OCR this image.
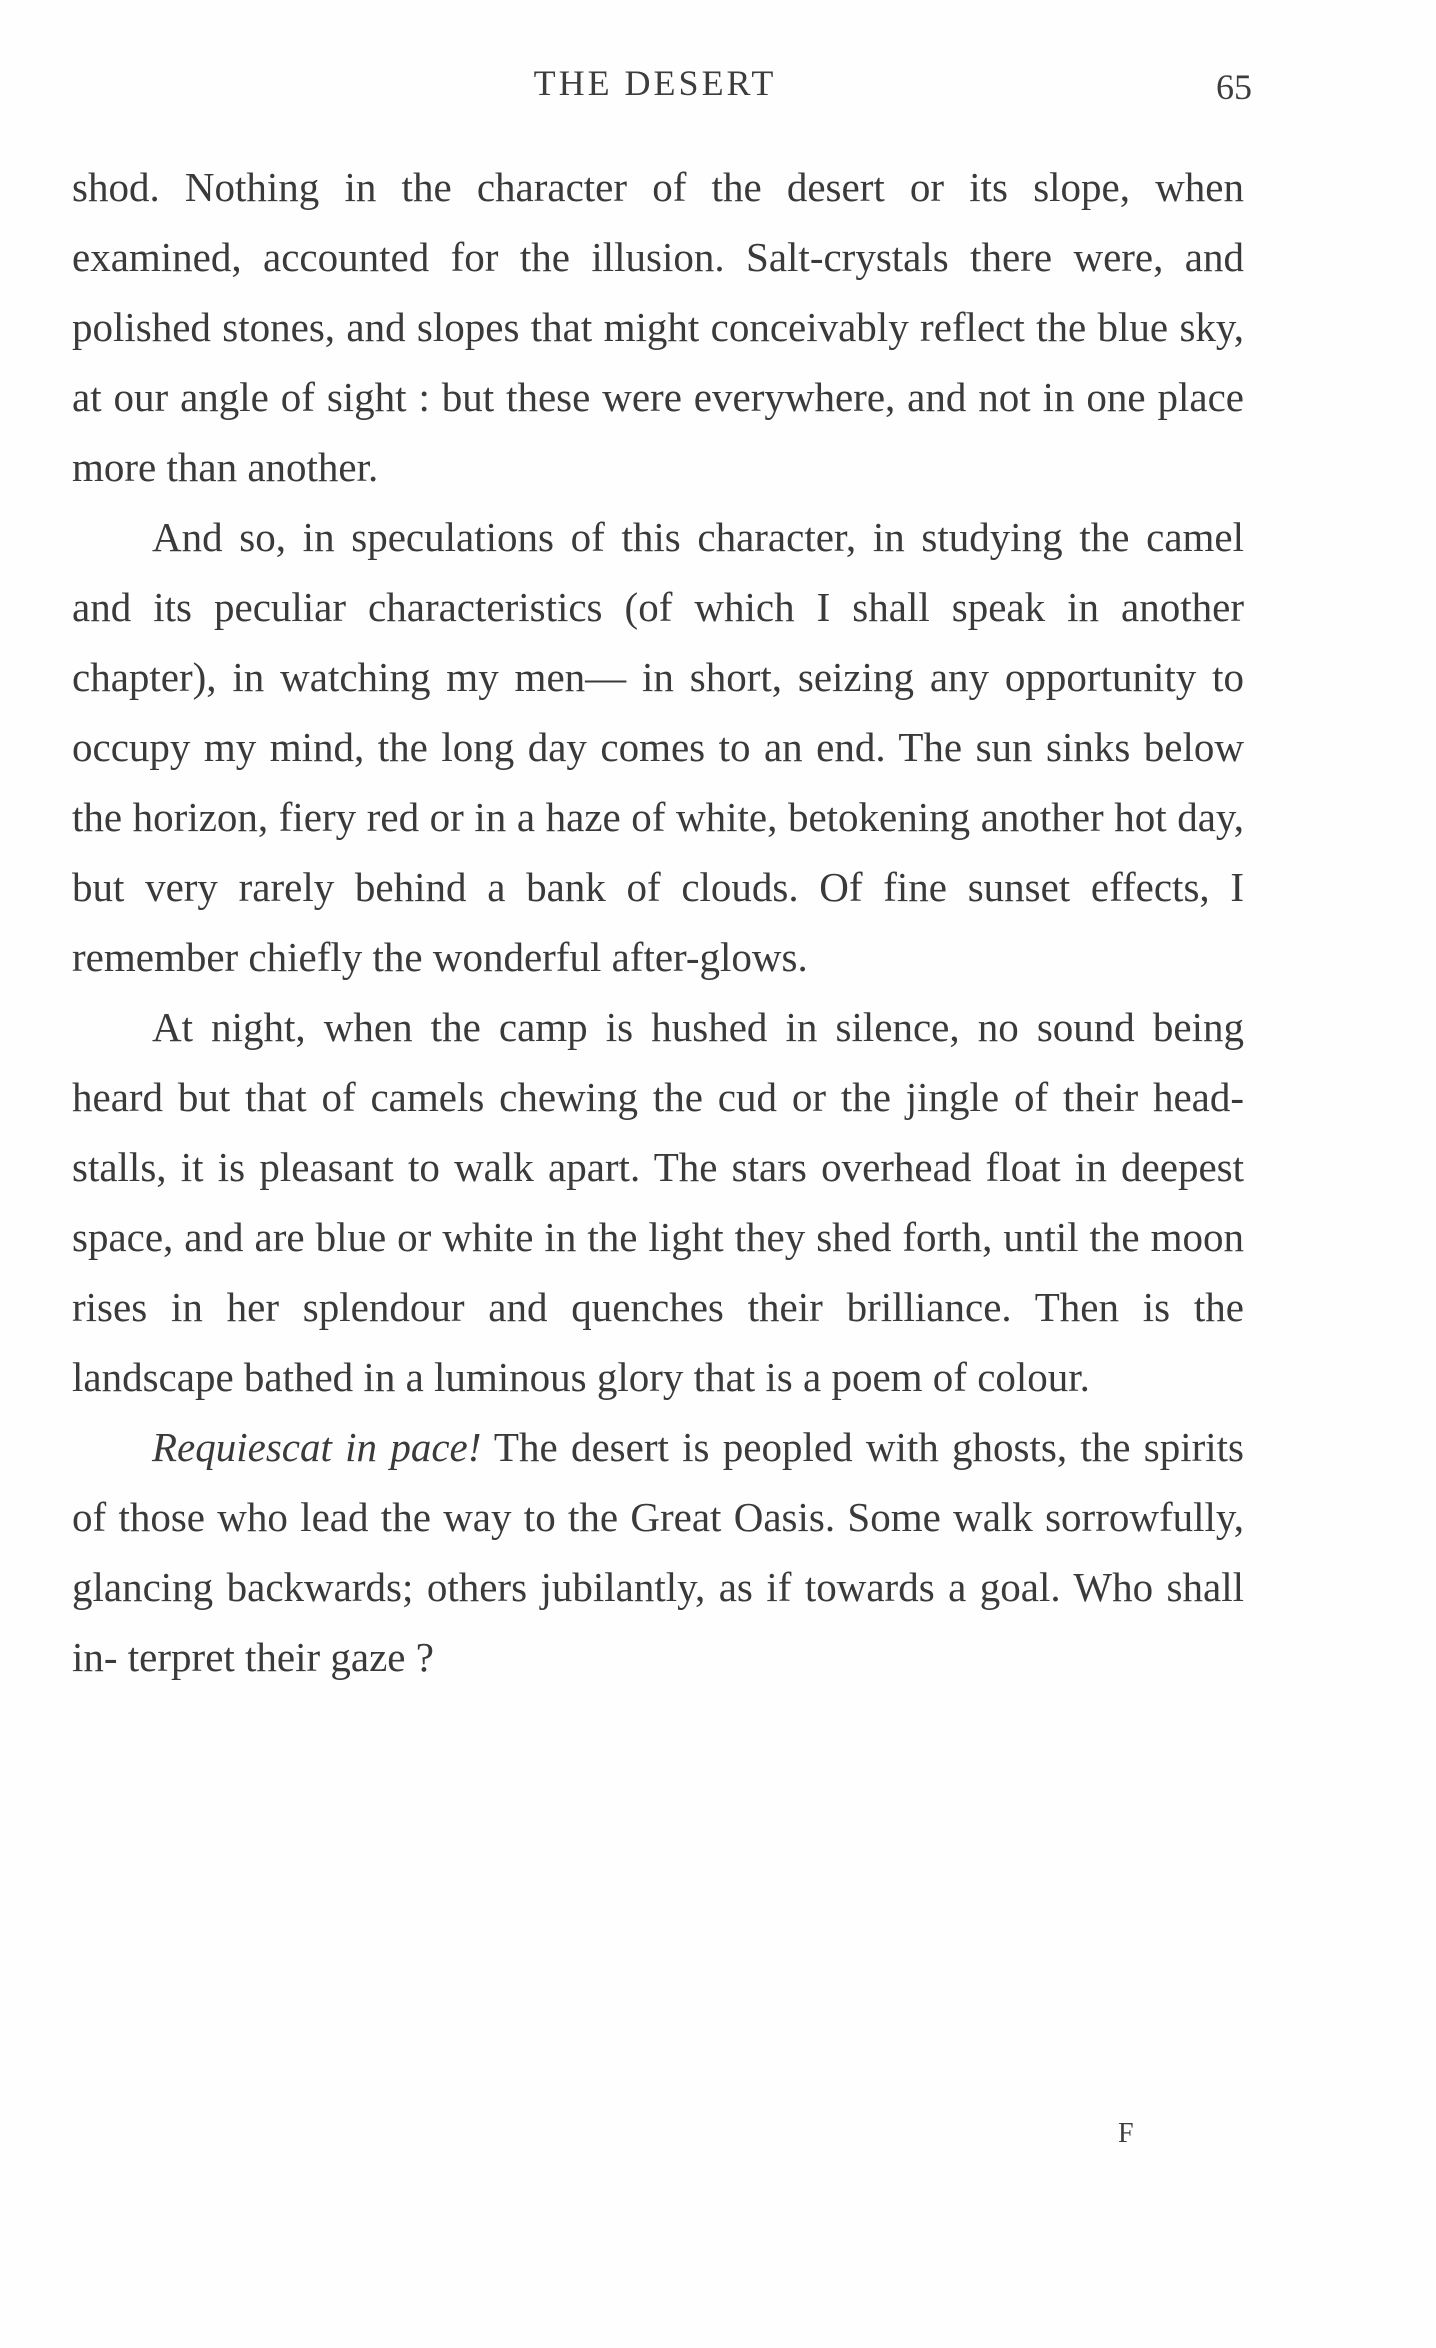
THE DESERT	65

shod. Nothing in the character of the desert or its slope, when examined, accounted for the illusion. Salt-crystals there were, and polished stones, and slopes that might conceivably reflect the blue sky, at our angle of sight : but these were everywhere, and not in one place more than another.

And so, in speculations of this character, in studying the camel and its peculiar characteristics (of which I shall speak in another chapter), in watching my men— in short, seizing any opportunity to occupy my mind, the long day comes to an end. The sun sinks below the horizon, fiery red or in a haze of white, betokening another hot day, but very rarely behind a bank of clouds. Of fine sunset effects, I remember chiefly the wonderful after-glows.

At night, when the camp is hushed in silence, no sound being heard but that of camels chewing the cud or the jingle of their head-stalls, it is pleasant to walk apart. The stars overhead float in deepest space, and are blue or white in the light they shed forth, until the moon rises in her splendour and quenches their brilliance. Then is the landscape bathed in a luminous glory that is a poem of colour.

Requiescat in pace! The desert is peopled with ghosts, the spirits of those who lead the way to the Great Oasis. Some walk sorrowfully, glancing backwards; others jubilantly, as if towards a goal. Who shall in- terpret their gaze ?

F
